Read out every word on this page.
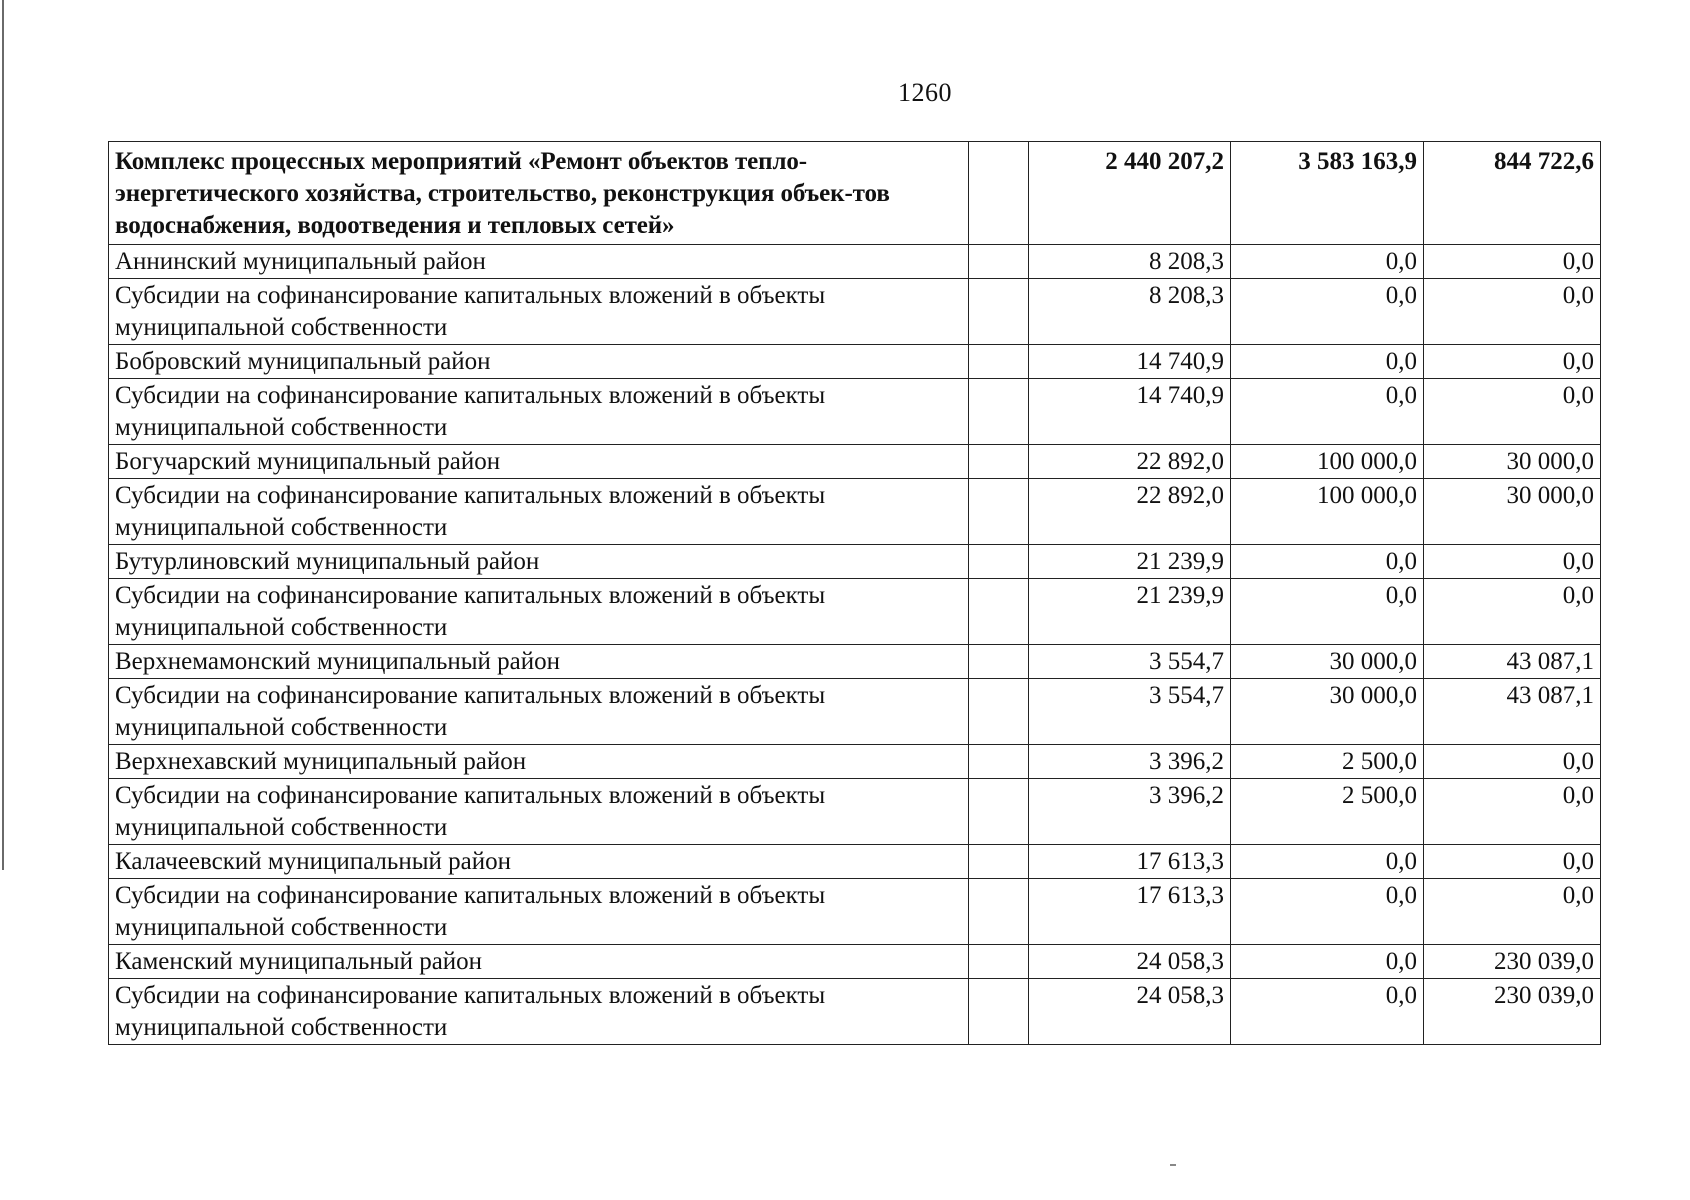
1260
Комплекс процессных мероприятий «Ремонт объектов тепло-энергетического хозяйства, строительство, реконструкция объек-тов водоснабжения, водоотведения и тепловых сетей»		2 440 207,2	3 583 163,9	844 722,6
Аннинский муниципальный район		8 208,3	0,0	0,0
Субсидии на софинансирование капитальных вложений в объекты муниципальной собственности		8 208,3	0,0	0,0
Бобровский муниципальный район		14 740,9	0,0	0,0
Субсидии на софинансирование капитальных вложений в объекты муниципальной собственности		14 740,9	0,0	0,0
Богучарский муниципальный район		22 892,0	100 000,0	30 000,0
Субсидии на софинансирование капитальных вложений в объекты муниципальной собственности		22 892,0	100 000,0	30 000,0
Бутурлиновский муниципальный район		21 239,9	0,0	0,0
Субсидии на софинансирование капитальных вложений в объекты муниципальной собственности		21 239,9	0,0	0,0
Верхнемамонский муниципальный район		3 554,7	30 000,0	43 087,1
Субсидии на софинансирование капитальных вложений в объекты муниципальной собственности		3 554,7	30 000,0	43 087,1
Верхнехавский муниципальный район		3 396,2	2 500,0	0,0
Субсидии на софинансирование капитальных вложений в объекты муниципальной собственности		3 396,2	2 500,0	0,0
Калачеевский муниципальный район		17 613,3	0,0	0,0
Субсидии на софинансирование капитальных вложений в объекты муниципальной собственности		17 613,3	0,0	0,0
Каменский муниципальный район		24 058,3	0,0	230 039,0
Субсидии на софинансирование капитальных вложений в объекты муниципальной собственности		24 058,3	0,0	230 039,0
